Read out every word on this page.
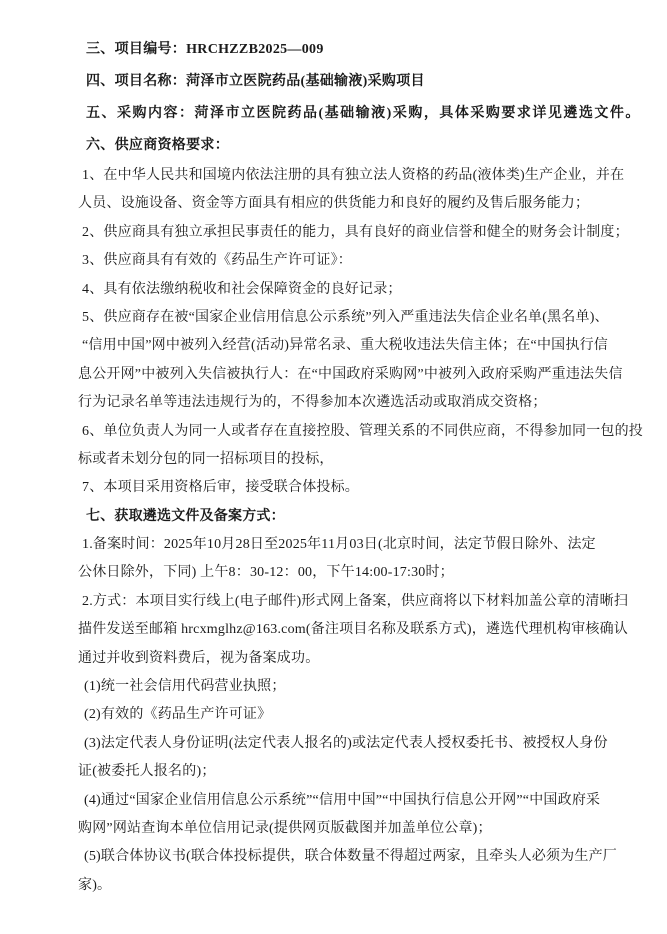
三、项目编号：HRCHZZB2025—009
四、项目名称：菏泽市立医院药品(基础输液)采购项目
五、采购内容：菏泽市立医院药品(基础输液)采购，具体采购要求详见遴选文件。
六、供应商资格要求：
1、在中华人民共和国境内依法注册的具有独立法人资格的药品(液体类)生产企业，并在
人员、设施设备、资金等方面具有相应的供货能力和良好的履约及售后服务能力；
2、供应商具有独立承担民事责任的能力，具有良好的商业信誉和健全的财务会计制度；
3、供应商具有有效的《药品生产许可证》：
4、具有依法缴纳税收和社会保障资金的良好记录；
5、供应商存在被“国家企业信用信息公示系统”列入严重违法失信企业名单(黑名单)、
“信用中国”网中被列入经营(活动)异常名录、重大税收违法失信主体；在“中国执行信
息公开网”中被列入失信被执行人：在“中国政府采购网”中被列入政府采购严重违法失信
行为记录名单等违法违规行为的，不得参加本次遴选活动或取消成交资格；
6、单位负责人为同一人或者存在直接控股、管理关系的不同供应商，不得参加同一包的投
标或者未划分包的同一招标项目的投标，
7、本项目采用资格后审，接受联合体投标。
七、获取遴选文件及备案方式：
1.备案时间：2025年10月28日至2025年11月03日(北京时间，法定节假日除外、法定
公休日除外，下同) 上午8：30-12：00，下午14:00-17:30时；
2.方式：本项目实行线上(电子邮件)形式网上备案，供应商将以下材料加盖公章的清晰扫
描件发送至邮箱 hrcxmglhz@163.com(备注项目名称及联系方式)，遴选代理机构审核确认
通过并收到资料费后，视为备案成功。
(1)统一社会信用代码营业执照；
(2)有效的《药品生产许可证》
(3)法定代表人身份证明(法定代表人报名的)或法定代表人授权委托书、被授权人身份
证(被委托人报名的)；
(4)通过“国家企业信用信息公示系统”“信用中国”“中国执行信息公开网”“中国政府采
购网”网站查询本单位信用记录(提供网页版截图并加盖单位公章)；
(5)联合体协议书(联合体投标提供，联合体数量不得超过两家，且牵头人必须为生产厂
家)。
